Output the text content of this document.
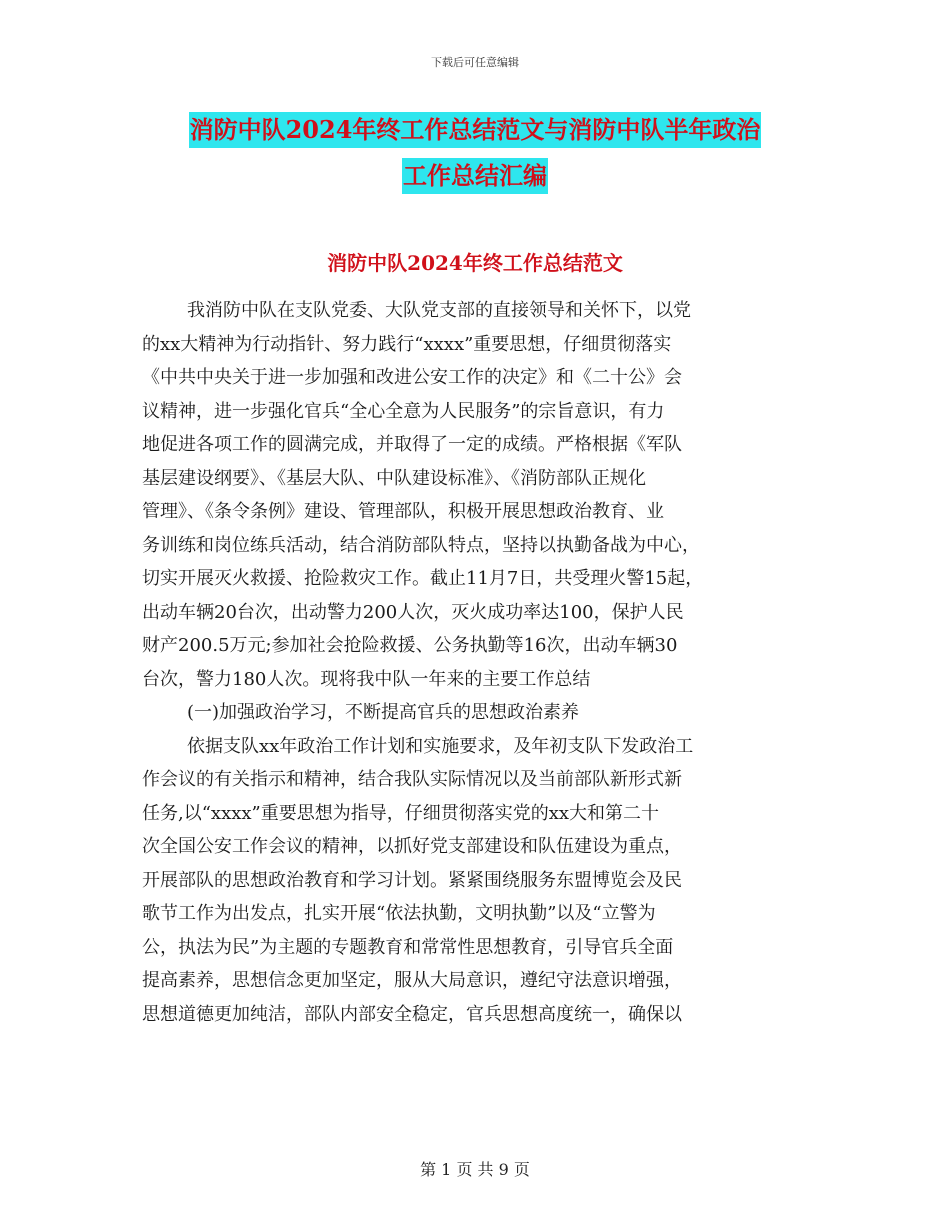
下载后可任意编辑
消防中队2024年终工作总结范文与消防中队半年政治
工作总结汇编
消防中队2024年终工作总结范文
我消防中队在支队党委、大队党支部的直接领导和关怀下，以党
的xx大精神为行动指针、努力践行“xxxx”重要思想，仔细贯彻落实
《中共中央关于进一步加强和改进公安工作的决定》和《二十公》会
议精神，进一步强化官兵“全心全意为人民服务”的宗旨意识，有力
地促进各项工作的圆满完成，并取得了一定的成绩。严格根据《军队
基层建设纲要》、《基层大队、中队建设标准》、《消防部队正规化
管理》、《条令条例》建设、管理部队，积极开展思想政治教育、业
务训练和岗位练兵活动，结合消防部队特点，坚持以执勤备战为中心，
切实开展灭火救援、抢险救灾工作。截止11月7日，共受理火警15起，
出动车辆20台次，出动警力200人次，灭火成功率达100，保护人民
财产200.5万元;参加社会抢险救援、公务执勤等16次，出动车辆30
台次，警力180人次。现将我中队一年来的主要工作总结
(一)加强政治学习，不断提高官兵的思想政治素养
依据支队xx年政治工作计划和实施要求，及年初支队下发政治工
作会议的有关指示和精神，结合我队实际情况以及当前部队新形式新
任务,以“xxxx”重要思想为指导，仔细贯彻落实党的xx大和第二十
次全国公安工作会议的精神，以抓好党支部建设和队伍建设为重点，
开展部队的思想政治教育和学习计划。紧紧围绕服务东盟博览会及民
歌节工作为出发点，扎实开展“依法执勤，文明执勤”以及“立警为
公，执法为民”为主题的专题教育和常常性思想教育，引导官兵全面
提高素养，思想信念更加坚定，服从大局意识，遵纪守法意识增强，
思想道德更加纯洁，部队内部安全稳定，官兵思想高度统一，确保以
第 1 页 共 9 页
